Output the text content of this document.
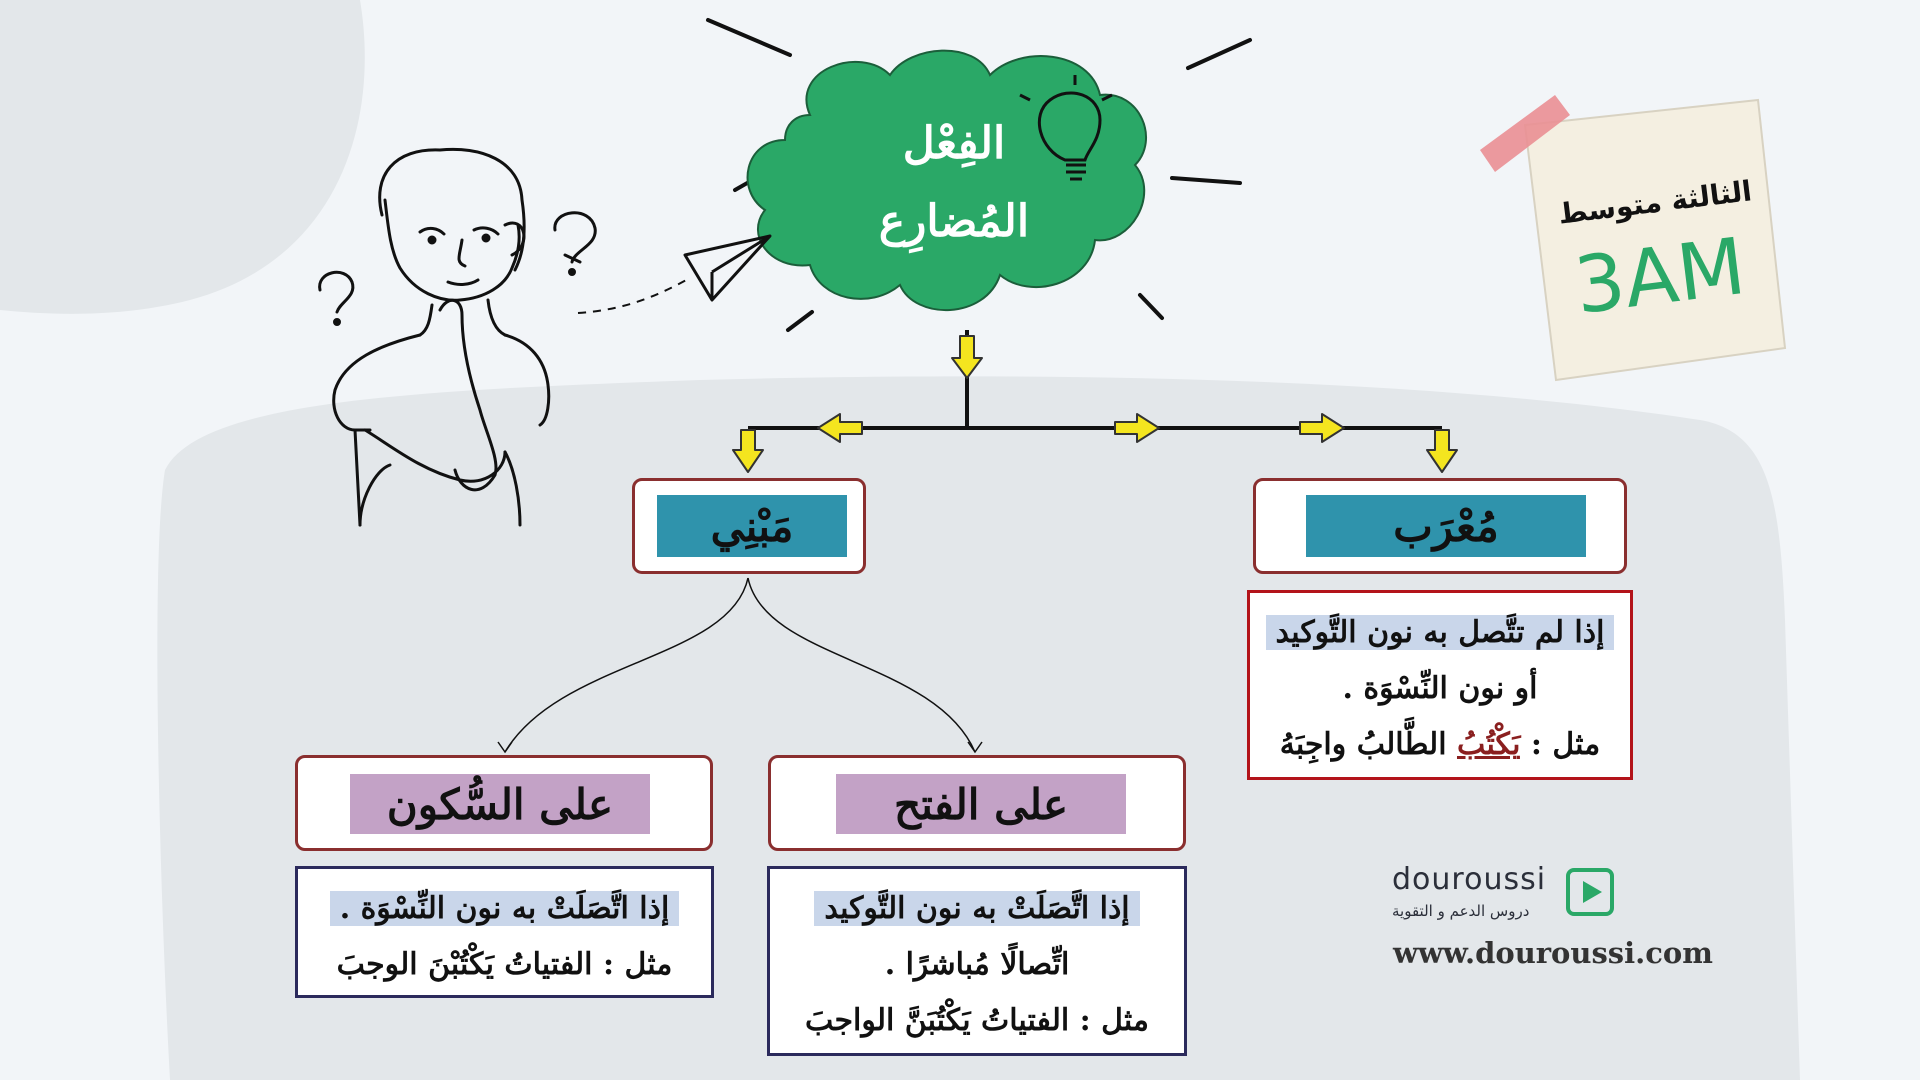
الفِعْل
المُضارِع	الثالثة متوسط
3AM
مُعْرَب
إذا لم تتَّصل به نون التَّوكيد
أو نون النِّسْوَة .
مثل : يَكْتُبُ الطَّالبُ واجِبَهُ
مَبْنِي
على الفتح
على السُّكون
إذا اتَّصَلَتْ به نون التَّوكيد
اتِّصالًا مُباشرًا .
مثل : الفتياتُ يَكْتُبَنَّ الواجبَ
إذا اتَّصَلَتْ به نون النِّسْوَة .
مثل : الفتياتُ يَكْتُبْنَ الوجبَ
douroussi
دروس الدعم و التقوية
www.douroussi.com
